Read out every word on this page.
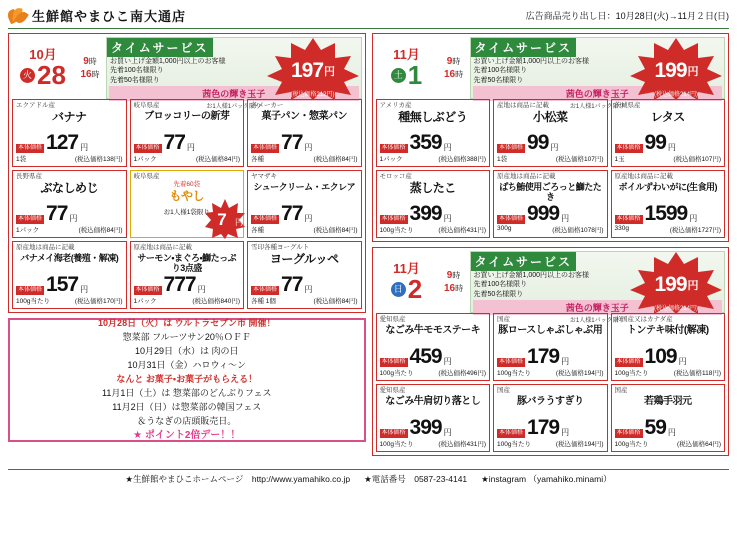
生鮮館やまひこ南大通店	広告商品売り出し日：10月28日(火)→11月２日(日)
10月
火 28 9時
16時
タイムサービス
お買い上げ金額1,000円以上のお客様
先着100名様限り
先着50名様限り
茜色の輝き玉子
お1人様1パック限り
197 円
(税込価格212円)
エクアドル産
バナナ
本体価格 127 円
1袋	(税込価格138円)
岐阜県産
ブロッコリーの新芽
本体価格 77 円
1パック	(税込価格84円)
各メーカー
菓子パン・惣菜パン
本体価格 77 円
各種	(税込価格84円)
長野県産
ぶなしめじ
本体価格 77 円
1パック	(税込価格84円)
岐阜県産
先着60袋
もやし
お1人様1袋限り 7 円
ヤマザキ
シュークリーム・エクレア
本体価格 77 円
各種	(税込価格84円)
原産地は商品に記載
バナメイ海老(養殖・解凍)
本体価格 157 円
100g当たり	(税込価格170円)
原産地は商品に記載
サーモン•まぐろ•鰤たっぷり3点盛
本体価格 777 円
1パック	(税込価格840円)
雪印各種ヨーグルト
ヨーグルッペ
本体価格 77 円
各種 1個	(税込価格84円)
10月28日（火）は ウルトラセブン市 開催！
惣菜部 フルーツサン20％ＯＦＦ
10月29日（水）は 肉の日
10月31日（金）ハロウィ～ン
なんと お菓子•お菓子がもらえる！
11月1日（土）は 惣菜部のどんぶりフェス
11月2日（日）は惣菜部の韓国フェス
＆うなぎの店頭販売日。
★ ポイント2倍デー！！
11月
土 1 9時
16時
タイムサービス
お買い上げ金額1,000円以上のお客様
先着100名様限り
先着50名様限り
茜色の輝き玉子
お1人様1パック限り
199 円
(税込価格214円)
アメリカ産
種無しぶどう
本体価格 359 円
1パック	(税込価格388円)
産地は商品に記載
小松菜
本体価格 99 円
1袋	(税込価格107円)
茨城県産
レタス
本体価格 99 円
1玉	(税込価格107円)
モロッコ産
蒸したこ
本体価格 399 円
100g当たり	(税込価格431円)
原産地は商品に記載
ばち鮪使用ごろっと鰤たたき
本体価格 999 円
300g	(税込価格1078円)
原産地は商品に記載
ボイルずわいがに(生食用)
本体価格 1599 円
330g	(税込価格1727円)
11月
日 2 9時
16時
タイムサービス
お買い上げ金額1,000円以上のお客様
先着100名様限り
先着50名様限り
茜色の輝き玉子
お1人様1パック限り
199 円
(税込価格214円)
愛知県産
なごみ牛モモステーキ
本体価格 459 円
100g当たり	(税込価格496円)
国産
豚ロースしゃぶしゃぶ用
本体価格 179 円
100g当たり	(税込価格194円)
米国産又はカナダ産
トンテキ味付(解凍)
本体価格 109 円
100g当たり	(税込価格118円)
愛知県産
なごみ牛肩切り落とし
本体価格 399 円
100g当たり	(税込価格431円)
国産
豚バラうすぎり
本体価格 179 円
100g当たり	(税込価格194円)
国産
若鶏手羽元
本体価格 59 円
100g当たり	(税込価格64円)
★生鮮館やまひこホームページ　http://www.yamahiko.co.jp ★電話番号　0587-23-4141 ★instagram （yamahiko.minami）
